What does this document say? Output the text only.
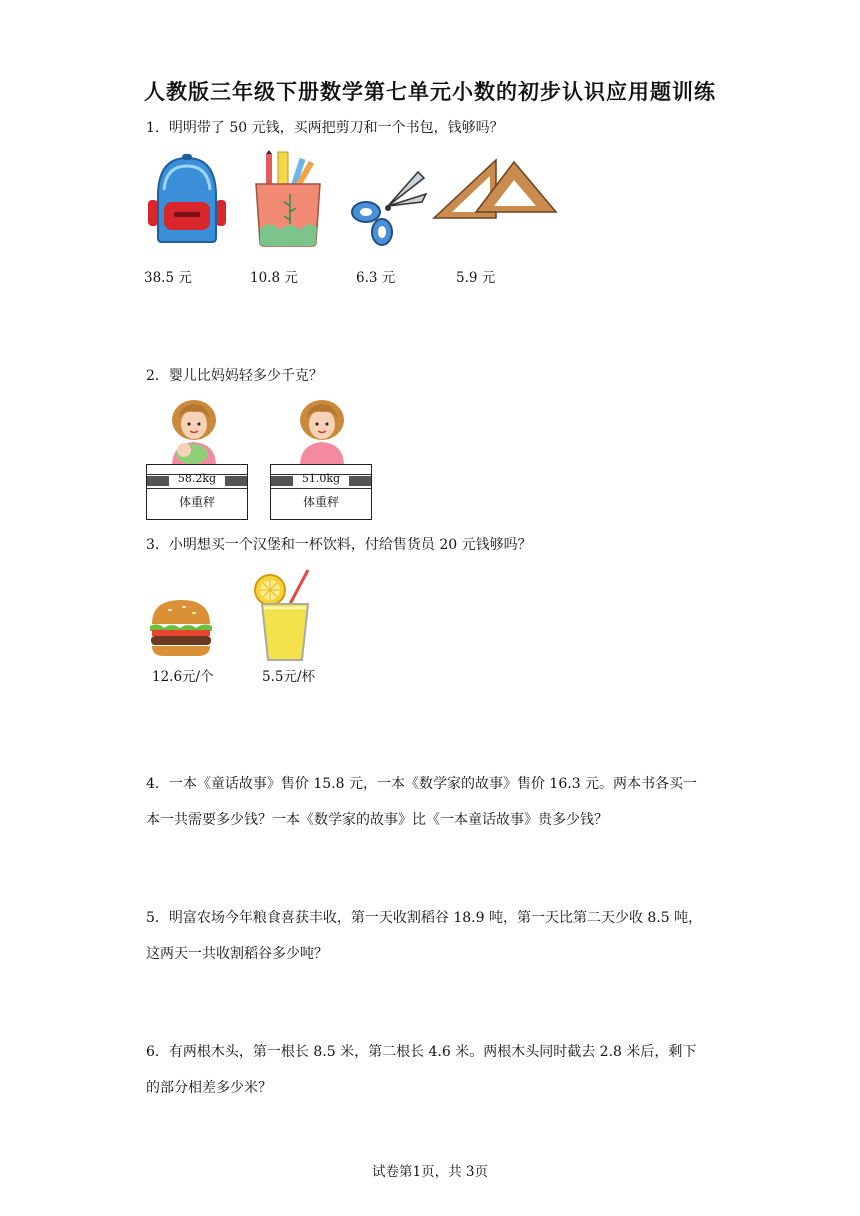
人教版三年级下册数学第七单元小数的初步认识应用题训练
1．明明带了 50 元钱，买两把剪刀和一个书包，钱够吗？
38.5 元	10.8 元	6.3 元	5.9 元
2．婴儿比妈妈轻多少千克？
58.2kg
体重秤
51.0kg
体重秤
3．小明想买一个汉堡和一杯饮料，付给售货员 20 元钱够吗？
12.6元/个	5.5元/杯
4．一本《童话故事》售价 15.8 元，一本《数学家的故事》售价 16.3 元。两本书各买一
本一共需要多少钱？一本《数学家的故事》比《一本童话故事》贵多少钱？
5．明富农场今年粮食喜获丰收，第一天收割稻谷 18.9 吨，第一天比第二天少收 8.5 吨，
这两天一共收割稻谷多少吨？
6．有两根木头，第一根长 8.5 米，第二根长 4.6 米。两根木头同时截去 2.8 米后，剩下
的部分相差多少米？
试卷第1页，共 3页
